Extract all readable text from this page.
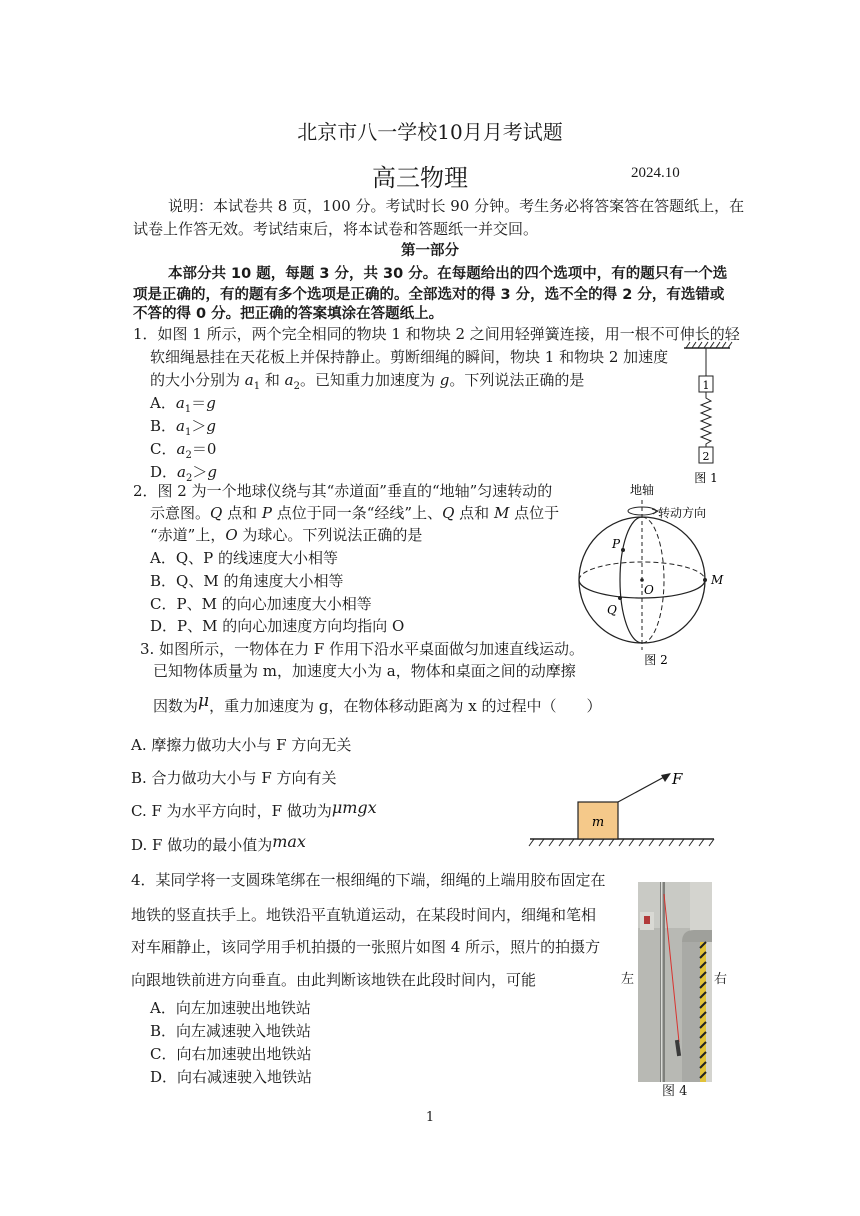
北京市八一学校10月月考试题
高三物理	2024.10
说明：本试卷共 8 页，100 分。考试时长 90 分钟。考生务必将答案答在答题纸上，在
试卷上作答无效。考试结束后，将本试卷和答题纸一并交回。
第一部分
本部分共 10 题，每题 3 分，共 30 分。在每题给出的四个选项中，有的题只有一个选
项是正确的，有的题有多个选项是正确的。全部选对的得 3 分，选不全的得 2 分，有选错或
不答的得 0 分。把正确的答案填涂在答题纸上。
1．如图 1 所示，两个完全相同的物块 1 和物块 2 之间用轻弹簧连接，用一根不可伸长的轻
软细绳悬挂在天花板上并保持静止。剪断细绳的瞬间，物块 1 和物块 2 加速度
的大小分别为 $a_1$ 和 $a_2$。已知重力加速度为 g。下列说法正确的是
A．$a_1=g$
B．$a_1>g$
C．$a_2=0$
D．$a_2>g$
1
2
图 1
2．图 2 为一个地球仪绕与其“赤道面”垂直的“地轴”匀速转动的
示意图。Q 点和 P 点位于同一条“经线”上、Q 点和 M 点位于
“赤道”上，O 为球心。下列说法正确的是
A．Q、P 的线速度大小相等
B．Q、M 的角速度大小相等
C．P、M 的向心加速度大小相等
D．P、M 的向心加速度方向均指向 O
地轴
转动方向
P
Q
O
M
图 2
3. 如图所示，一物体在力 F 作用下沿水平桌面做匀加速直线运动。
已知物体质量为 m，加速度大小为 a，物体和桌面之间的动摩擦
因数为μ，重力加速度为 g，在物体移动距离为 x 的过程中（　　）
A. 摩擦力做功大小与 F 方向无关
B. 合力做功大小与 F 方向有关
C. F 为水平方向时，F 做功为μmgx
D. F 做功的最小值为max
m
F
4．某同学将一支圆珠笔绑在一根细绳的下端，细绳的上端用胶布固定在
地铁的竖直扶手上。地铁沿平直轨道运动，在某段时间内，细绳和笔相
对车厢静止，该同学用手机拍摄的一张照片如图 4 所示，照片的拍摄方
向跟地铁前进方向垂直。由此判断该地铁在此段时间内，可能
A．向左加速驶出地铁站
B．向左减速驶入地铁站
C．向右加速驶出地铁站
D．向右减速驶入地铁站
左	右
图 4
1
